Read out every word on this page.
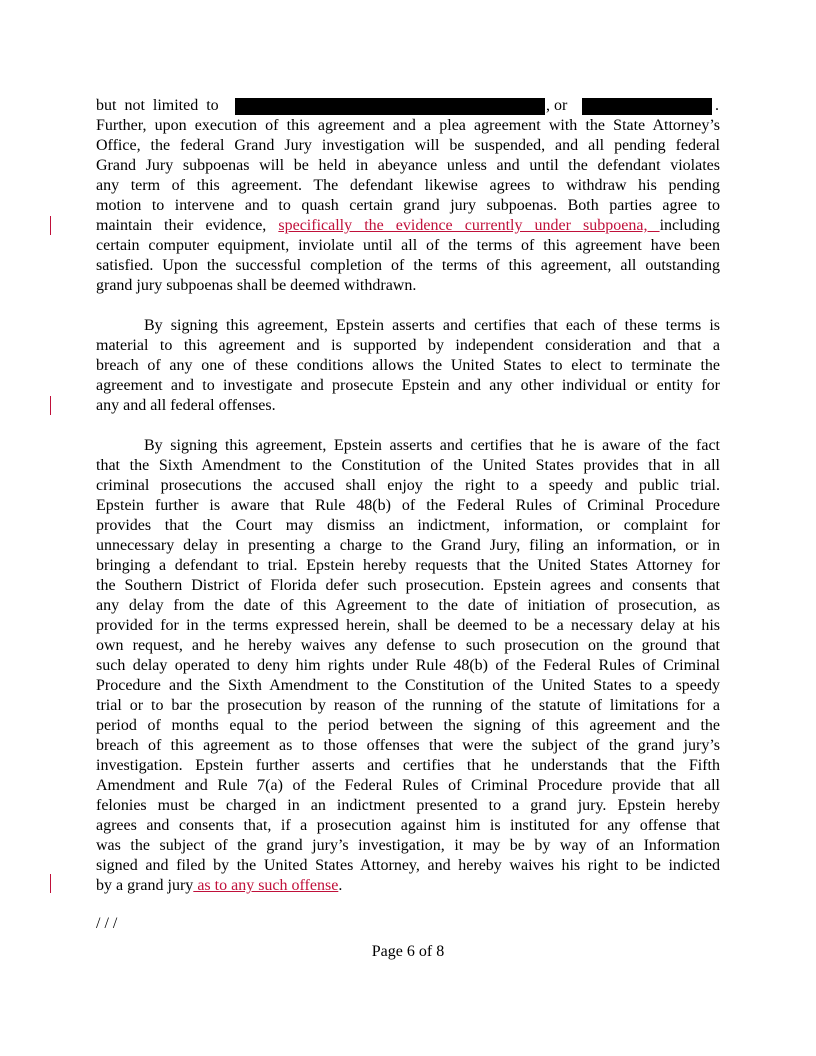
but not limited to	, or	.
Further, upon execution of this agreement and a plea agreement with the State Attorney’s
Office, the federal Grand Jury investigation will be suspended, and all pending federal
Grand Jury subpoenas will be held in abeyance unless and until the defendant violates
any term of this agreement. The defendant likewise agrees to withdraw his pending
motion to intervene and to quash certain grand jury subpoenas. Both parties agree to
maintain their evidence, specifically the evidence currently under subpoena, including
certain computer equipment, inviolate until all of the terms of this agreement have been
satisfied. Upon the successful completion of the terms of this agreement, all outstanding
grand jury subpoenas shall be deemed withdrawn.
By signing this agreement, Epstein asserts and certifies that each of these terms is
material to this agreement and is supported by independent consideration and that a
breach of any one of these conditions allows the United States to elect to terminate the
agreement and to investigate and prosecute Epstein and any other individual or entity for
any and all federal offenses.
By signing this agreement, Epstein asserts and certifies that he is aware of the fact
that the Sixth Amendment to the Constitution of the United States provides that in all
criminal prosecutions the accused shall enjoy the right to a speedy and public trial.
Epstein further is aware that Rule 48(b) of the Federal Rules of Criminal Procedure
provides that the Court may dismiss an indictment, information, or complaint for
unnecessary delay in presenting a charge to the Grand Jury, filing an information, or in
bringing a defendant to trial. Epstein hereby requests that the United States Attorney for
the Southern District of Florida defer such prosecution. Epstein agrees and consents that
any delay from the date of this Agreement to the date of initiation of prosecution, as
provided for in the terms expressed herein, shall be deemed to be a necessary delay at his
own request, and he hereby waives any defense to such prosecution on the ground that
such delay operated to deny him rights under Rule 48(b) of the Federal Rules of Criminal
Procedure and the Sixth Amendment to the Constitution of the United States to a speedy
trial or to bar the prosecution by reason of the running of the statute of limitations for a
period of months equal to the period between the signing of this agreement and the
breach of this agreement as to those offenses that were the subject of the grand jury’s
investigation. Epstein further asserts and certifies that he understands that the Fifth
Amendment and Rule 7(a) of the Federal Rules of Criminal Procedure provide that all
felonies must be charged in an indictment presented to a grand jury. Epstein hereby
agrees and consents that, if a prosecution against him is instituted for any offense that
was the subject of the grand jury’s investigation, it may be by way of an Information
signed and filed by the United States Attorney, and hereby waives his right to be indicted
by a grand jury as to any such offense.
/ / /
Page 6 of 8
